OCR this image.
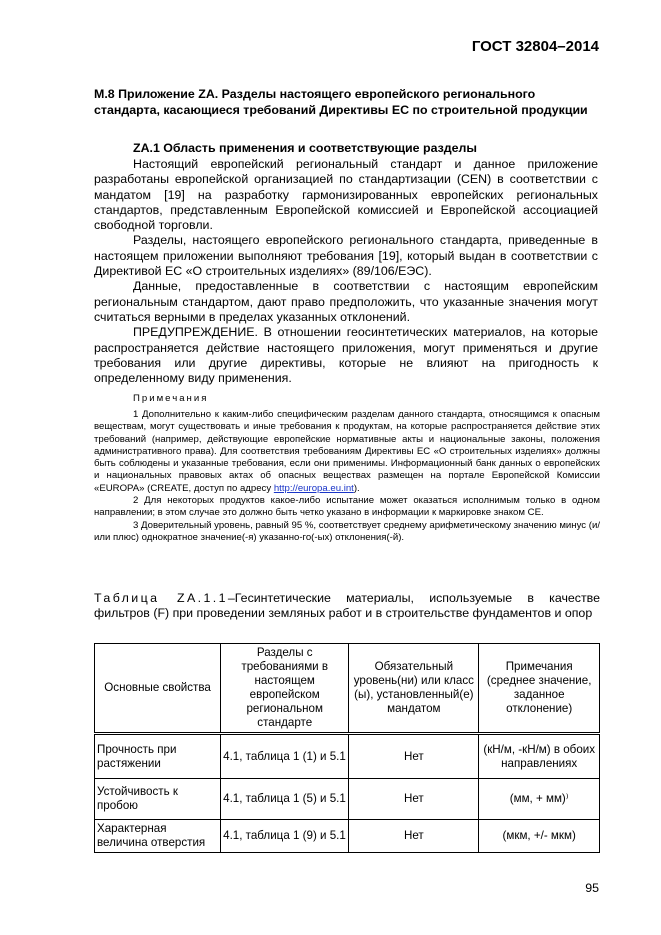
ГОСТ 32804–2014
М.8 Приложение ZA. Разделы настоящего европейского регионального стандарта, касающиеся требований Директивы ЕС по строительной продукции
ZA.1 Область применения и соответствующие разделы

Настоящий европейский региональный стандарт и данное приложение разработаны европейской организацией по стандартизации (CEN) в соответствии с мандатом [19] на разработку гармонизированных европейских региональных стандартов, представленным Европейской комиссией и Европейской ассоциацией свободной торговли.

Разделы, настоящего европейского регионального стандарта, приведенные в настоящем приложении выполняют требования [19], который выдан в соответствии с Директивой ЕС «О строительных изделиях» (89/106/ЕЭС).

Данные, предоставленные в соответствии с настоящим европейским региональным стандартом, дают право предположить, что указанные значения могут считаться верными в пределах указанных отклонений.

ПРЕДУПРЕЖДЕНИЕ. В отношении геосинтетических материалов, на которые распространяется действие настоящего приложения, могут применяться и другие требования или другие директивы, которые не влияют на пригодность к определенному виду применения.

Примечания

1 Дополнительно к каким-либо специфическим разделам данного стандарта, относящимся к опасным веществам, могут существовать и иные требования к продуктам, на которые распространяется действие этих требований (например, действующие европейские нормативные акты и национальные законы, положения административного права). Для соответствия требованиям Директивы ЕС «О строительных изделиях» должны быть соблюдены и указанные требования, если они применимы. Информационный банк данных о европейских и национальных правовых актах об опасных веществах размещен на портале Европейской Комиссии «EUROPA» (CREATE, доступ по адресу http://europa.eu.int).

2 Для некоторых продуктов какое-либо испытание может оказаться исполнимым только в одном направлении; в этом случае это должно быть четко указано в информации к маркировке знаком СЕ.

3 Доверительный уровень, равный 95 %, соответствует среднему арифметическому значению минус (и/или плюс) однократное значение(-я) указанно-го(-ых) отклонения(-й).

Таблица ZA.1.1–Гесинтетические материалы, используемые в качестве фильтров (F) при проведении земляных работ и в строительстве фундаментов и опор
Основные свойства	Разделы с требованиями в настоящем европейском региональном стандарте	Обязательный уровень(ни) или класс (ы), установленный(е) мандатом	Примечания (среднее значение, заданное отклонение)
Прочность при растяжении	4.1, таблица 1 (1) и 5.1	Нет	(кН/м, -кН/м) в обоих направлениях
Устойчивость к пробою	4.1, таблица 1 (5) и 5.1	Нет	(мм, + мм)⁾
Характерная величина отверстия	4.1, таблица 1 (9) и 5.1	Нет	(мкм, +/- мкм)
95
